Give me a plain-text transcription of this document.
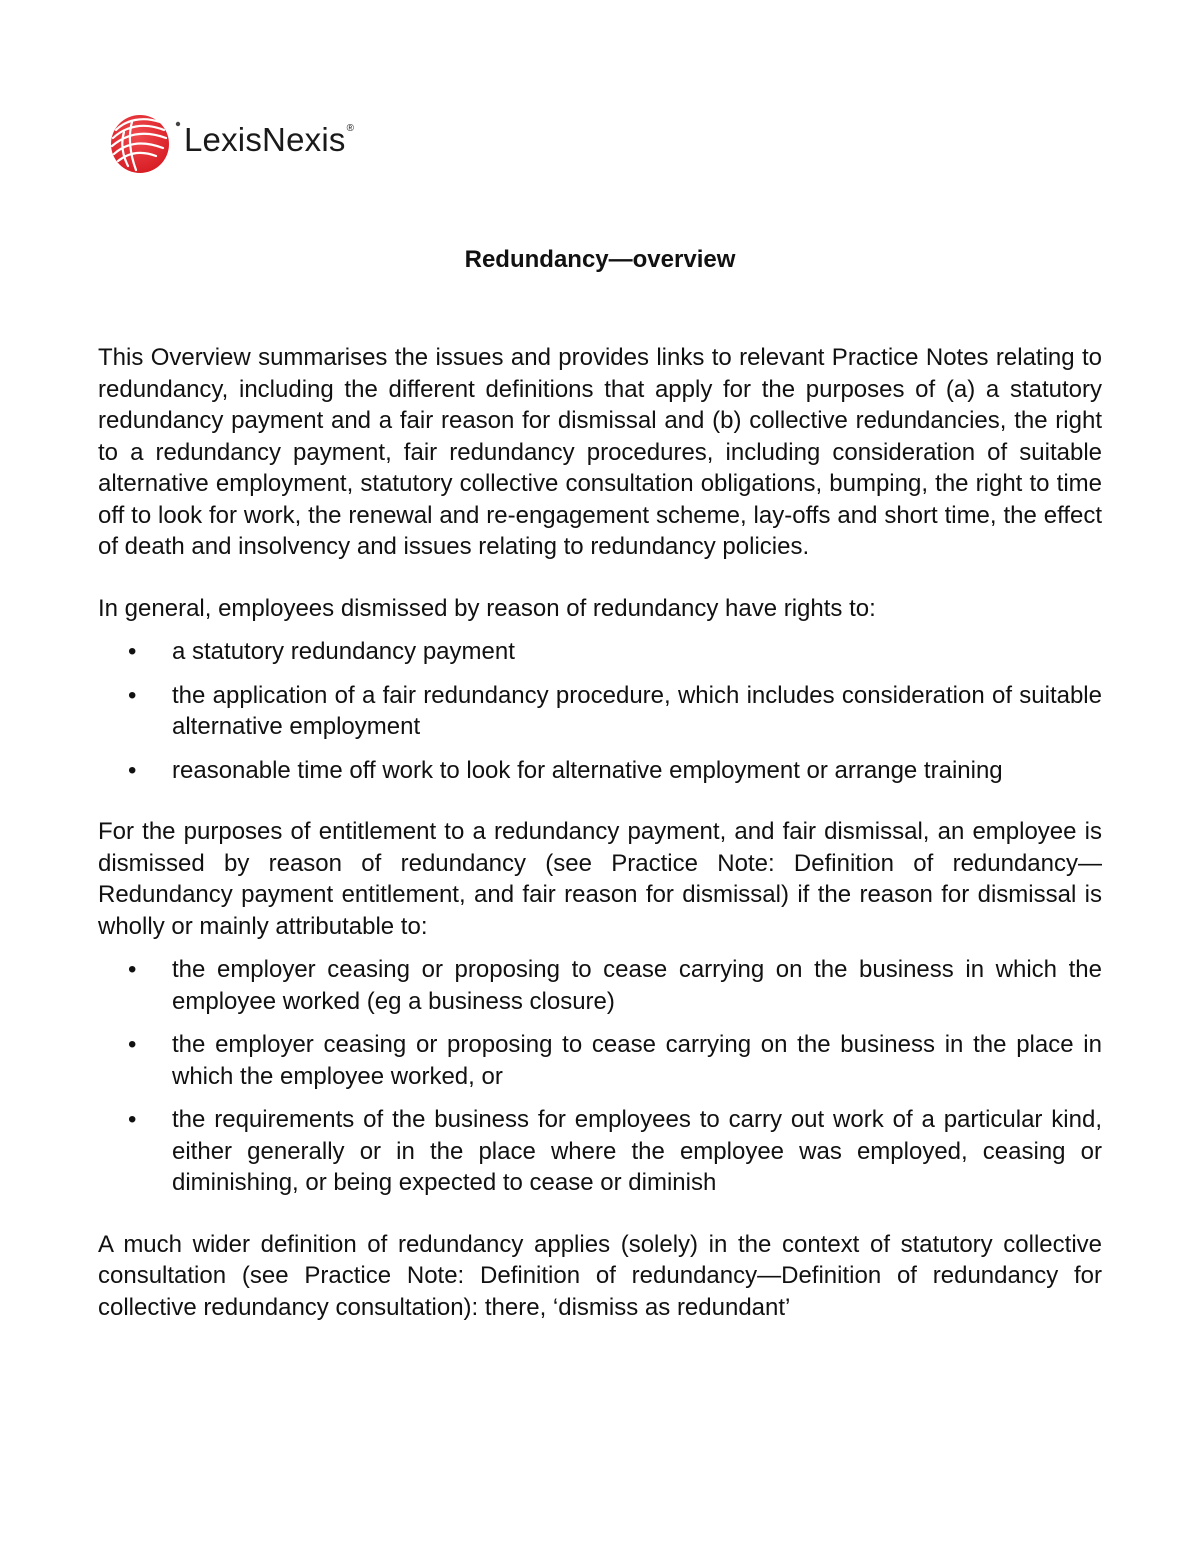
LexisNexis®
Redundancy—overview

This Overview summarises the issues and provides links to relevant Practice Notes relating to redundancy, including the different definitions that apply for the purposes of (a) a statutory redundancy payment and a fair reason for dismissal and (b) collective redundancies, the right to a redundancy payment, fair redundancy procedures, including consideration of suitable alternative employment, statutory collective consultation obligations, bumping, the right to time off to look for work, the renewal and re-engagement scheme, lay-offs and short time, the effect of death and insolvency and issues relating to redundancy policies.

In general, employees dismissed by reason of redundancy have rights to:

• a statutory redundancy payment
• the application of a fair redundancy procedure, which includes consideration of suitable alternative employment
• reasonable time off work to look for alternative employment or arrange training

For the purposes of entitlement to a redundancy payment, and fair dismissal, an employee is dismissed by reason of redundancy (see Practice Note: Definition of redundancy—Redundancy payment entitlement, and fair reason for dismissal) if the reason for dismissal is wholly or mainly attributable to:

• the employer ceasing or proposing to cease carrying on the business in which the employee worked (eg a business closure)
• the employer ceasing or proposing to cease carrying on the business in the place in which the employee worked, or
• the requirements of the business for employees to carry out work of a particular kind, either generally or in the place where the employee was employed, ceasing or diminishing, or being expected to cease or diminish

A much wider definition of redundancy applies (solely) in the context of statutory collective consultation (see Practice Note: Definition of redundancy—Definition of redundancy for collective redundancy consultation): there, ‘dismiss as redundant’
